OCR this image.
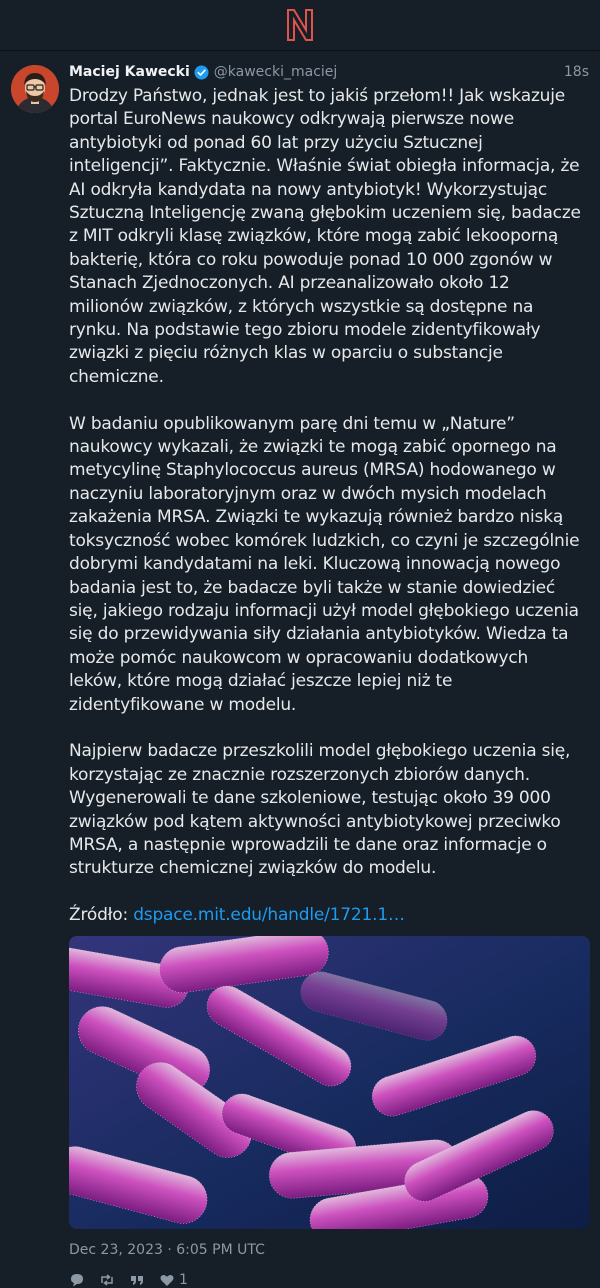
Maciej Kawecki @kawecki_maciej	18s

Drodzy Państwo, jednak jest to jakiś przełom!! Jak wskazuje portal EuroNews naukowcy odkrywają pierwsze nowe antybiotyki od ponad 60 lat przy użyciu Sztucznej inteligencji”. Faktycznie. Właśnie świat obiegła informacja, że AI odkryła kandydata na nowy antybiotyk! Wykorzystując Sztuczną Inteligencję zwaną głębokim uczeniem się, badacze z MIT odkryli klasę związków, które mogą zabić lekooporną bakterię, która co roku powoduje ponad 10 000 zgonów w Stanach Zjednoczonych. AI przeanalizowało około 12 milionów związków, z których wszystkie są dostępne na rynku. Na podstawie tego zbioru modele zidentyfikowały związki z pięciu różnych klas w oparciu o substancje chemiczne.

W badaniu opublikowanym parę dni temu w „Nature” naukowcy wykazali, że związki te mogą zabić opornego na metycylinę Staphylococcus aureus (MRSA) hodowanego w naczyniu laboratoryjnym oraz w dwóch mysich modelach zakażenia MRSA. Związki te wykazują również bardzo niską toksyczność wobec komórek ludzkich, co czyni je szczególnie dobrymi kandydatami na leki. Kluczową innowacją nowego badania jest to, że badacze byli także w stanie dowiedzieć się, jakiego rodzaju informacji użył model głębokiego uczenia się do przewidywania siły działania antybiotyków. Wiedza ta może pomóc naukowcom w opracowaniu dodatkowych leków, które mogą działać jeszcze lepiej niż te zidentyfikowane w modelu.

Najpierw badacze przeszkolili model głębokiego uczenia się, korzystając ze znacznie rozszerzonych zbiorów danych. Wygenerowali te dane szkoleniowe, testując około 39 000 związków pod kątem aktywności antybiotykowej przeciwko MRSA, a następnie wprowadzili te dane oraz informacje o strukturze chemicznej związków do modelu.

Źródło: dspace.mit.edu/handle/1721.1…

Dec 23, 2023 · 6:05 PM UTC
1
